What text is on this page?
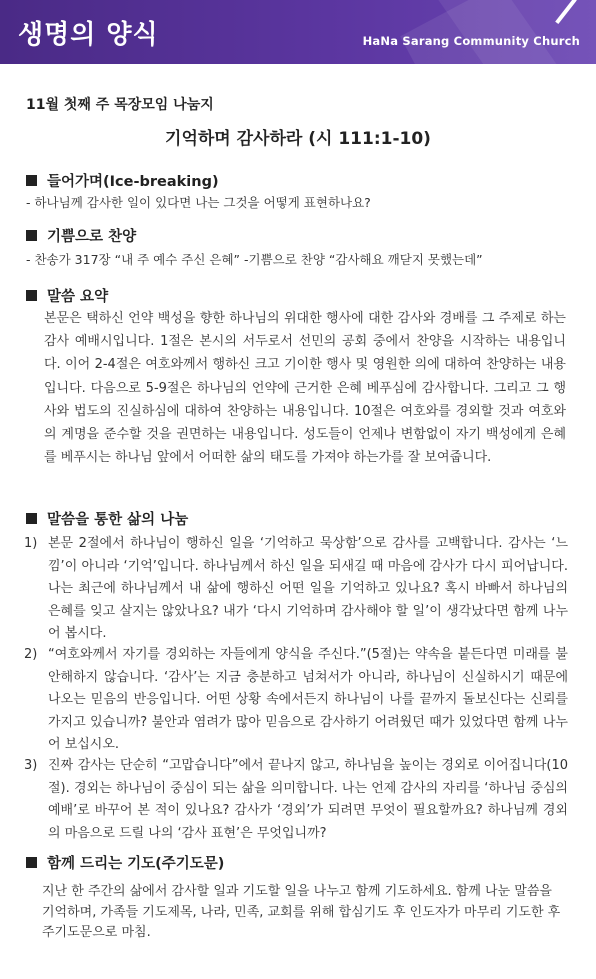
생명의 양식	HaNa Sarang Community Church
11월 첫째 주 목장모임 나눔지
기억하며 감사하라 (시 111:1-10)
들어가며(Ice-breaking)
- 하나님께 감사한 일이 있다면 나는 그것을 어떻게 표현하나요?
기쁨으로 찬양
- 찬송가 317장 “내 주 예수 주신 은혜” -기쁨으로 찬양 “감사해요 깨닫지 못했는데”
말씀 요약
본문은 택하신 언약 백성을 향한 하나님의 위대한 행사에 대한 감사와 경배를 그 주제로 하는 감사 예배시입니다. 1절은 본시의 서두로서 선민의 공회 중에서 찬양을 시작하는 내용입니다. 이어 2-4절은 여호와께서 행하신 크고 기이한 행사 및 영원한 의에 대하여 찬양하는 내용입니다. 다음으로 5-9절은 하나님의 언약에 근거한 은혜 베푸심에 감사합니다. 그리고 그 행사와 법도의 진실하심에 대하여 찬양하는 내용입니다. 10절은 여호와를 경외할 것과 여호와의 계명을 준수할 것을 권면하는 내용입니다. 성도들이 언제나 변함없이 자기 백성에게 은혜를 베푸시는 하나님 앞에서 어떠한 삶의 태도를 가져야 하는가를 잘 보여줍니다.
말씀을 통한 삶의 나눔
1) 본문 2절에서 하나님이 행하신 일을 ‘기억하고 묵상함’으로 감사를 고백합니다. 감사는 ‘느낌’이 아니라 ‘기억’입니다. 하나님께서 하신 일을 되새길 때 마음에 감사가 다시 피어납니다. 나는 최근에 하나님께서 내 삶에 행하신 어떤 일을 기억하고 있나요? 혹시 바빠서 하나님의 은혜를 잊고 살지는 않았나요? 내가 ‘다시 기억하며 감사해야 할 일’이 생각났다면 함께 나누어 봅시다.
2) “여호와께서 자기를 경외하는 자들에게 양식을 주신다.”(5절)는 약속을 붙든다면 미래를 불안해하지 않습니다. ‘감사’는 지금 충분하고 넘쳐서가 아니라, 하나님이 신실하시기 때문에 나오는 믿음의 반응입니다. 어떤 상황 속에서든지 하나님이 나를 끝까지 돌보신다는 신뢰를 가지고 있습니까? 불안과 염려가 많아 믿음으로 감사하기 어려웠던 때가 있었다면 함께 나누어 보십시오.
3) 진짜 감사는 단순히 “고맙습니다”에서 끝나지 않고, 하나님을 높이는 경외로 이어집니다(10절). 경외는 하나님이 중심이 되는 삶을 의미합니다. 나는 언제 감사의 자리를 ‘하나님 중심의 예배’로 바꾸어 본 적이 있나요? 감사가 ‘경외’가 되려면 무엇이 필요할까요? 하나님께 경외의 마음으로 드릴 나의 ‘감사 표현’은 무엇입니까?
함께 드리는 기도(주기도문)
지난 한 주간의 삶에서 감사할 일과 기도할 일을 나누고 함께 기도하세요. 함께 나눈 말씀을 기억하며, 가족들 기도제목, 나라, 민족, 교회를 위해 합심기도 후 인도자가 마무리 기도한 후 주기도문으로 마침.
